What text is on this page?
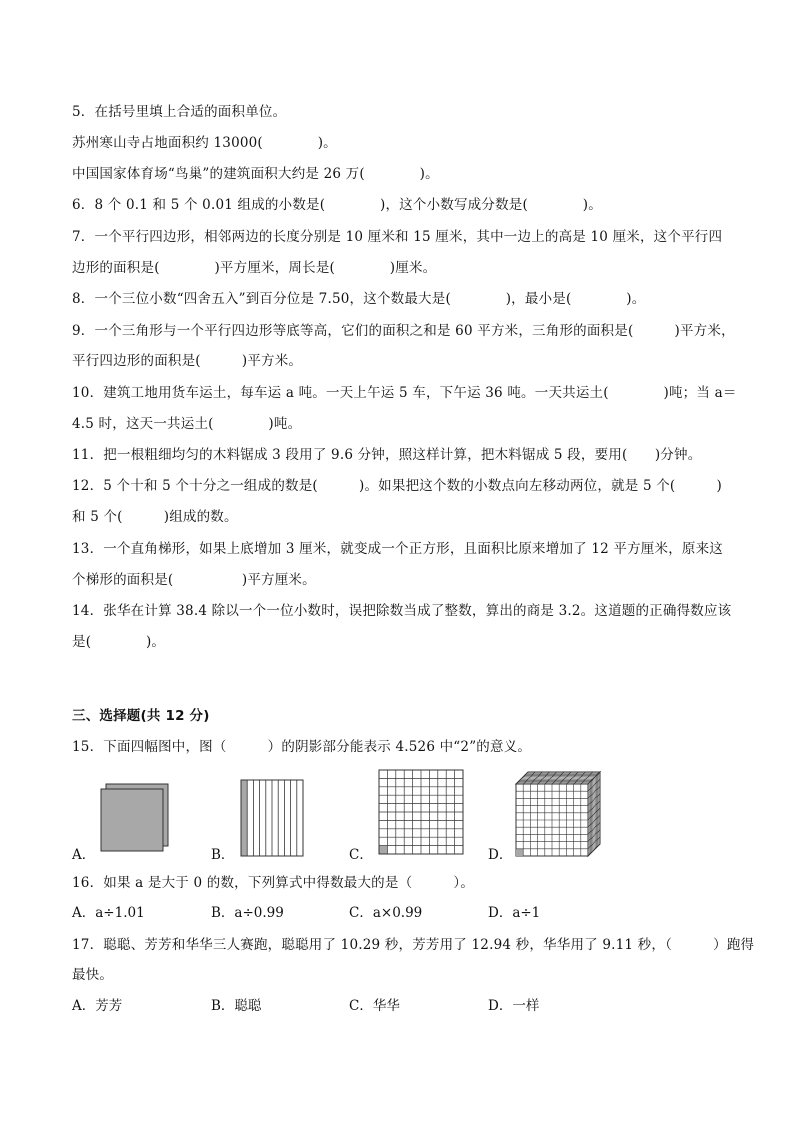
5．在括号里填上合适的面积单位。
苏州寒山寺占地面积约 13000(　　　　)。
中国国家体育场“鸟巢”的建筑面积大约是 26 万(　　　　)。
6．8 个 0.1 和 5 个 0.01 组成的小数是(　　　　)，这个小数写成分数是(　　　　)。
7．一个平行四边形，相邻两边的长度分别是 10 厘米和 15 厘米，其中一边上的高是 10 厘米，这个平行四
边形的面积是(　　　　)平方厘米，周长是(　　　　)厘米。
8．一个三位小数“四舍五入”到百分位是 7.50，这个数最大是(　　　　)，最小是(　　　　)。
9．一个三角形与一个平行四边形等底等高，它们的面积之和是 60 平方米，三角形的面积是(　　　)平方米，
平行四边形的面积是(　　　)平方米。
10．建筑工地用货车运土，每车运 a 吨。一天上午运 5 车，下午运 36 吨。一天共运土(　　　　)吨；当 a＝
4.5 时，这天一共运土(　　　　)吨。
11．把一根粗细均匀的木料锯成 3 段用了 9.6 分钟，照这样计算，把木料锯成 5 段，要用(　　)分钟。
12．5 个十和 5 个十分之一组成的数是(　　　)。如果把这个数的小数点向左移动两位，就是 5 个(　　　)
和 5 个(　　　)组成的数。
13．一个直角梯形，如果上底增加 3 厘米，就变成一个正方形，且面积比原来增加了 12 平方厘米，原来这
个梯形的面积是(　　　　　)平方厘米。
14．张华在计算 38.4 除以一个一位小数时，误把除数当成了整数，算出的商是 3.2。这道题的正确得数应该
是(　　　　)。
三、选择题(共 12 分)
15．下面四幅图中，图（　　　）的阴影部分能表示 4.526 中“2”的意义。
A．	B．	C．	D．
16．如果 a 是大于 0 的数，下列算式中得数最大的是（　　　）。
A．a÷1.01	B．a÷0.99	C．a×0.99	D．a÷1
17．聪聪、芳芳和华华三人赛跑，聪聪用了 10.29 秒，芳芳用了 12.94 秒，华华用了 9.11 秒，（　　　）跑得
最快。
A．芳芳	B．聪聪	C．华华	D．一样
